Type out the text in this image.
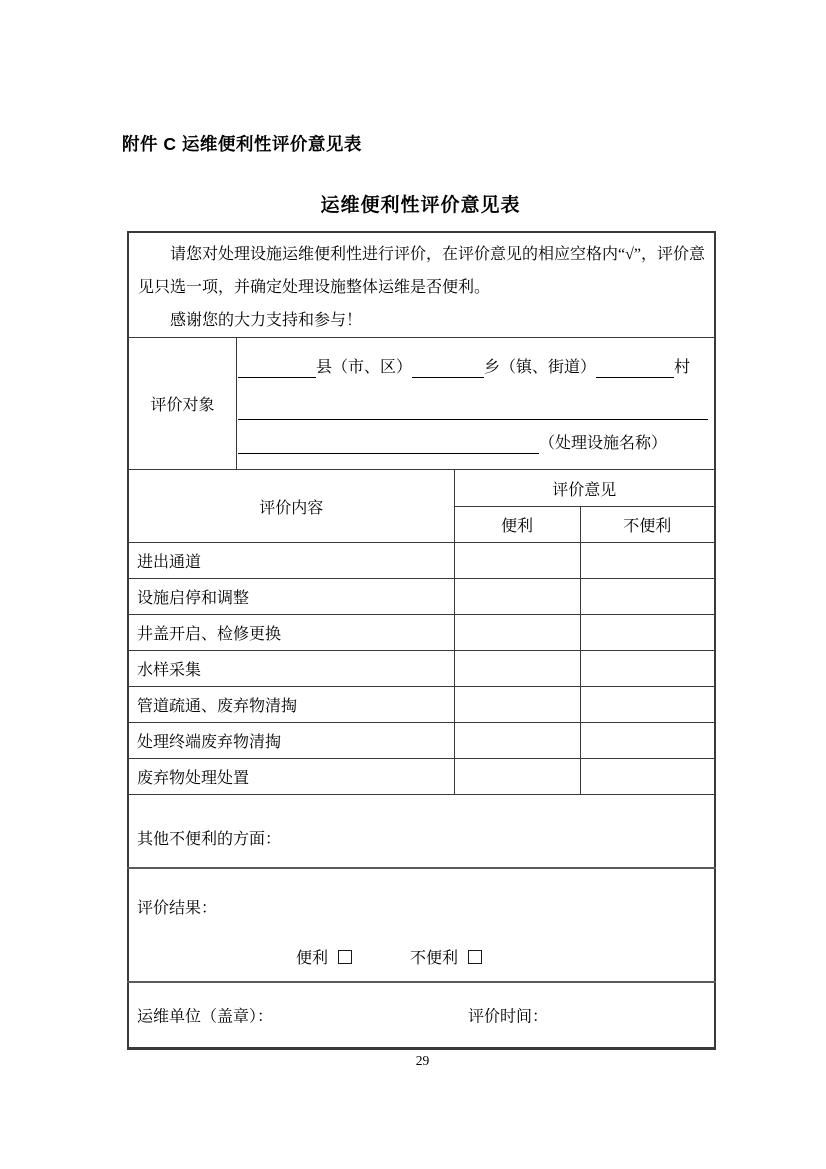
附件 C 运维便利性评价意见表
运维便利性评价意见表

请您对处理设施运维便利性进行评价，在评价意见的相应空格内“√”，评价意见只选一项，并确定处理设施整体运维是否便利。

感谢您的大力支持和参与！		

评价对象
县（市、区） 乡（镇、街道） 村
（处理设施名称）		

评价内容	评价意见	
	便利	不便利
进出通道		
设施启停和调整		
井盖开启、检修更换		
水样采集		
管道疏通、废弃物清掏		
处理终端废弃物清掏		
废弃物处理处置		
其他不便利的方面：		

评价结果：
便利 不便利		

运维单位（盖章）： 评价时间：		
29
